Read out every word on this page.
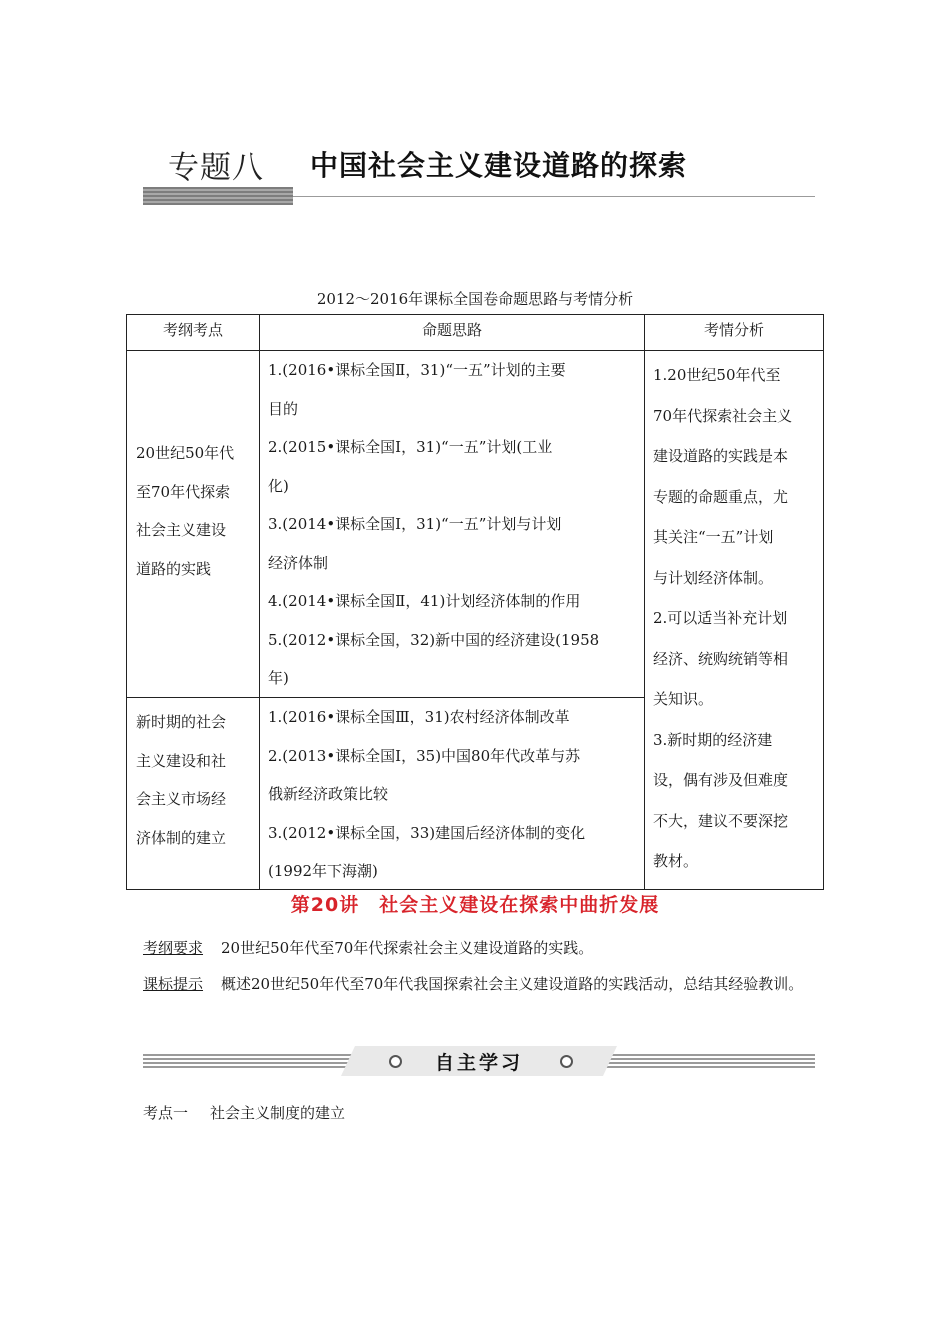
专题八 中国社会主义建设道路的探索
2012～2016年课标全国卷命题思路与考情分析
考纲考点	命题思路	考情分析
20世纪50年代
至70年代探索
社会主义建设
道路的实践
1.(2016•课标全国Ⅱ，31)“一五”计划的主要
目的
2.(2015•课标全国Ⅰ，31)“一五”计划(工业
化)
3.(2014•课标全国Ⅰ，31)“一五”计划与计划
经济体制
4.(2014•课标全国Ⅱ，41)计划经济体制的作用
5.(2012•课标全国，32)新中国的经济建设(1958
年)
新时期的社会
主义建设和社
会主义市场经
济体制的建立
1.(2016•课标全国Ⅲ，31)农村经济体制改革
2.(2013•课标全国Ⅰ，35)中国80年代改革与苏
俄新经济政策比较
3.(2012•课标全国，33)建国后经济体制的变化
(1992年下海潮)
1.20世纪50年代至
70年代探索社会主义
建设道路的实践是本
专题的命题重点，尤
其关注“一五”计划
与计划经济体制。
2.可以适当补充计划
经济、统购统销等相
关知识。
3.新时期的经济建
设，偶有涉及但难度
不大，建议不要深挖
教材。
第20讲　社会主义建设在探索中曲折发展
考纲要求 20世纪50年代至70年代探索社会主义建设道路的实践。
课标提示 概述20世纪50年代至70年代我国探索社会主义建设道路的实践活动，总结其经验教训。
自主学习
考点一 社会主义制度的建立
